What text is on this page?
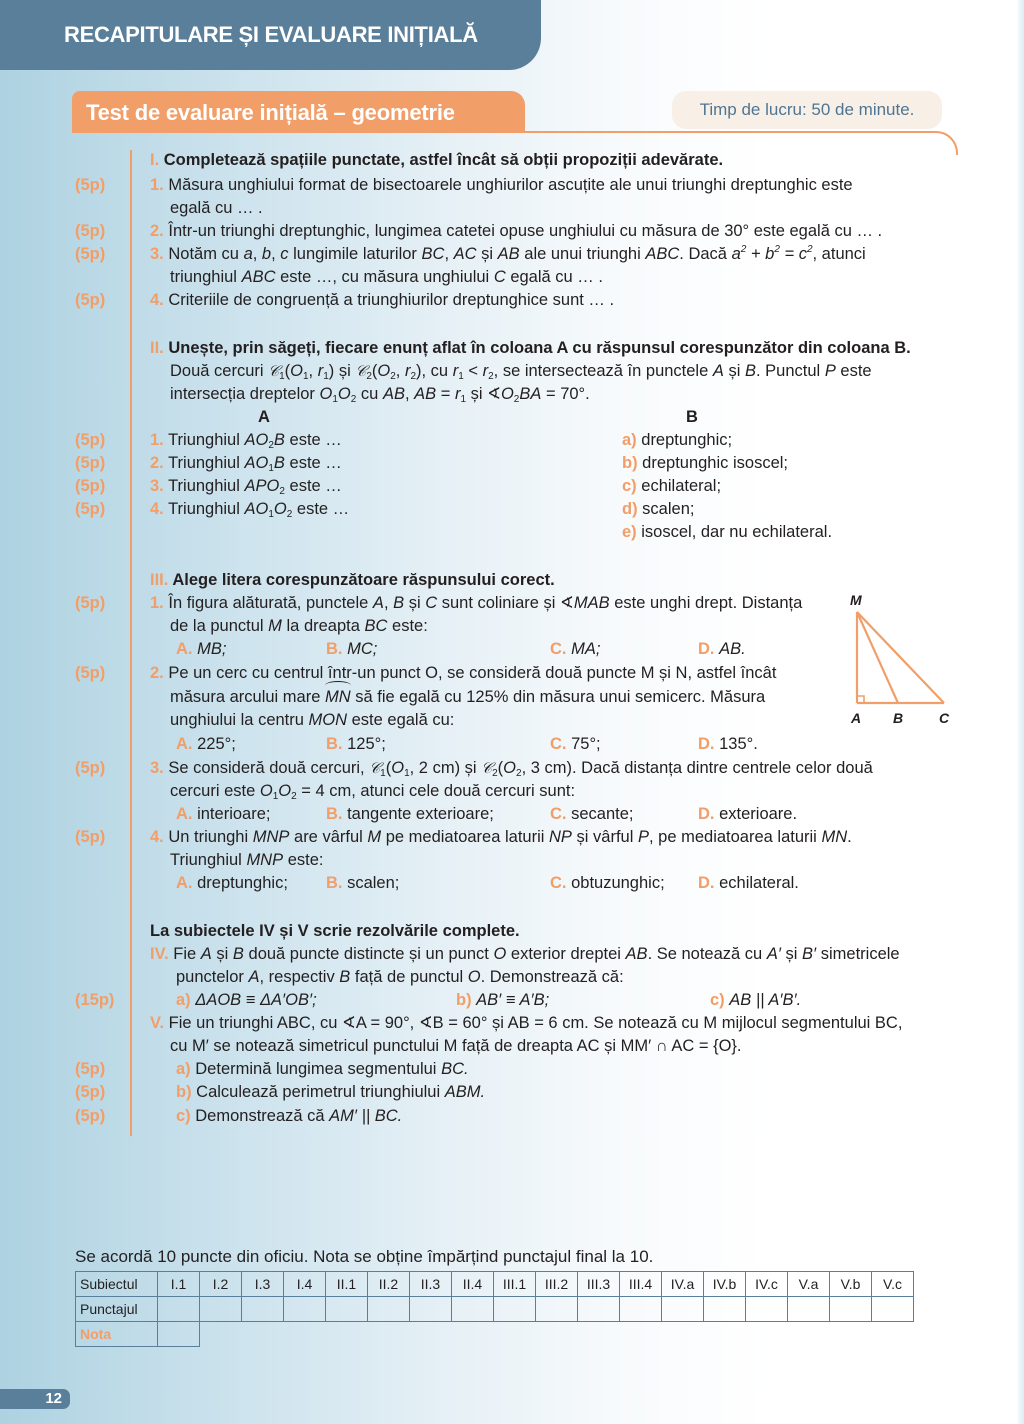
RECAPITULARE ȘI EVALUARE INIȚIALĂ
Test de evaluare inițială – geometrie	Timp de lucru: 50 de minute.
I. Completează spațiile punctate, astfel încât să obții propoziții adevărate.
(5p)	1. Măsura unghiului format de bisectoarele unghiurilor ascuțite ale unui triunghi dreptunghic este
egală cu … .
(5p)	2. Într-un triunghi dreptunghic, lungimea catetei opuse unghiului cu măsura de 30° este egală cu … .
(5p)	3. Notăm cu a, b, c lungimile laturilor BC, AC și AB ale unui triunghi ABC. Dacă $a^2 + b^2 = c^2$, atunci
triunghiul ABC este …, cu măsura unghiului C egală cu … .
(5p)	4. Criteriile de congruență a triunghiurilor dreptunghice sunt … .
II. Unește, prin săgeți, fiecare enunț aflat în coloana A cu răspunsul corespunzător din coloana B.
Două cercuri $𝒞_1(O_1$, $r_1$) și $𝒞_2(O_2$, $r_2$), cu $r_1 < r_2$, se intersectează în punctele A și B. Punctul P este
intersecția dreptelor $O_1O_2$ cu AB, AB = $r_1$ și $∢O_2BA = 70^\circ$.
A	B
(5p)	1. Triunghiul $AO_2B$ este …
(5p)	2. Triunghiul $AO_1B$ este …
(5p)	3. Triunghiul $APO_2$ este …
(5p)	4. Triunghiul $AO_1O_2$ este …
a) dreptunghic;
b) dreptunghic isoscel;
c) echilateral;
d) scalen;
e) isoscel, dar nu echilateral.
III. Alege litera corespunzătoare răspunsului corect.
(5p)	1. În figura alăturată, punctele A, B și C sunt coliniare și ∢MAB este unghi drept. Distanța
de la punctul M la dreapta BC este:
A. MB;	B. MC;	C. MA;	D. AB.
(5p)	2. Pe un cerc cu centrul într-un punct O, se consideră două puncte M și N, astfel încât
măsura arcului mare MN să fie egală cu 125% din măsura unui semicerc. Măsura
unghiului la centru MON este egală cu:
A. 225°;	B. 125°;	C. 75°;	D. 135°.
M
A B	C
(5p)	3. Se consideră două cercuri, $𝒞_1(O_1$, 2 cm) și $𝒞_2(O_2$, 3 cm). Dacă distanța dintre centrele celor două
cercuri este $O_1O_2 = 4$ cm, atunci cele două cercuri sunt:
A. interioare;	B. tangente exterioare;	C. secante;	D. exterioare.
(5p)	4. Un triunghi MNP are vârful M pe mediatoarea laturii NP și vârful P, pe mediatoarea laturii MN.
Triunghiul MNP este:
A. dreptunghic; B. scalen;	C. obtuzunghic; D. echilateral.
La subiectele IV și V scrie rezolvările complete.
IV. Fie A și B două puncte distincte și un punct O exterior dreptei AB. Se notează cu A′ și B′ simetricele
punctelor A, respectiv B față de punctul O. Demonstrează că:
(15p)	a) ΔAOB ≡ ΔA′OB′;	b) AB′ ≡ A′B;	c) AB || A′B′.
V. Fie un triunghi ABC, cu ∢A = 90°, ∢B = 60° și AB = 6 cm. Se notează cu M mijlocul segmentului BC,
cu M′ se notează simetricul punctului M față de dreapta AC și MM′ ∩ AC = {O}.
(5p)	a) Determină lungimea segmentului BC.
(5p)	b) Calculează perimetrul triunghiului ABM.
(5p)	c) Demonstrează că AM′ || BC.
Se acordă 10 puncte din oficiu. Nota se obține împărțind punctajul final la 10.
Subiectul	I.1	I.2	I.3	I.4	II.1	II.2	II.3	II.4	III.1	III.2	III.3	III.4	IV.a	IV.b	IV.c	V.a	V.b	V.c
Punctajul																		
Nota																		
12
